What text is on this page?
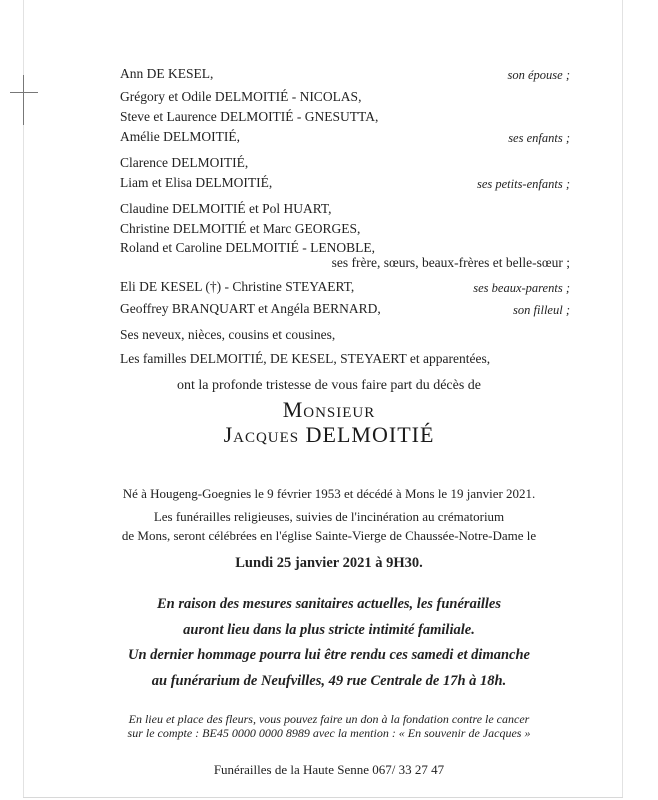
Ann DE KESEL,	son épouse ;
Grégory et Odile DELMOITIÉ - NICOLAS,
Steve et Laurence DELMOITIÉ - GNESUTTA,
Amélie DELMOITIÉ,	ses enfants ;
Clarence DELMOITIÉ,
Liam et Elisa DELMOITIÉ,	ses petits-enfants ;
Claudine DELMOITIÉ et Pol HUART,
Christine DELMOITIÉ et Marc GEORGES,
Roland et Caroline DELMOITIÉ - LENOBLE,
ses frère, sœurs, beaux-frères et belle-sœur ;
Eli DE KESEL (†) - Christine STEYAERT,	ses beaux-parents ;
Geoffrey BRANQUART et Angéla BERNARD,	son filleul ;
Ses neveux, nièces, cousins et cousines,
Les familles DELMOITIÉ, DE KESEL, STEYAERT et apparentées,
ont la profonde tristesse de vous faire part du décès de
Monsieur
Jacques DELMOITIÉ
Né à Hougeng-Goegnies le 9 février 1953 et décédé à Mons le 19 janvier 2021.
Les funérailles religieuses, suivies de l'incinération au crématorium
de Mons, seront célébrées en l'église Sainte-Vierge de Chaussée-Notre-Dame le
Lundi 25 janvier 2021 à 9H30.
En raison des mesures sanitaires actuelles, les funérailles
auront lieu dans la plus stricte intimité familiale.
Un dernier hommage pourra lui être rendu ces samedi et dimanche
au funérarium de Neufvilles, 49 rue Centrale de 17h à 18h.
En lieu et place des fleurs, vous pouvez faire un don à la fondation contre le cancer
sur le compte : BE45 0000 0000 8989 avec la mention : « En souvenir de Jacques »
Funérailles de la Haute Senne 067/ 33 27 47
